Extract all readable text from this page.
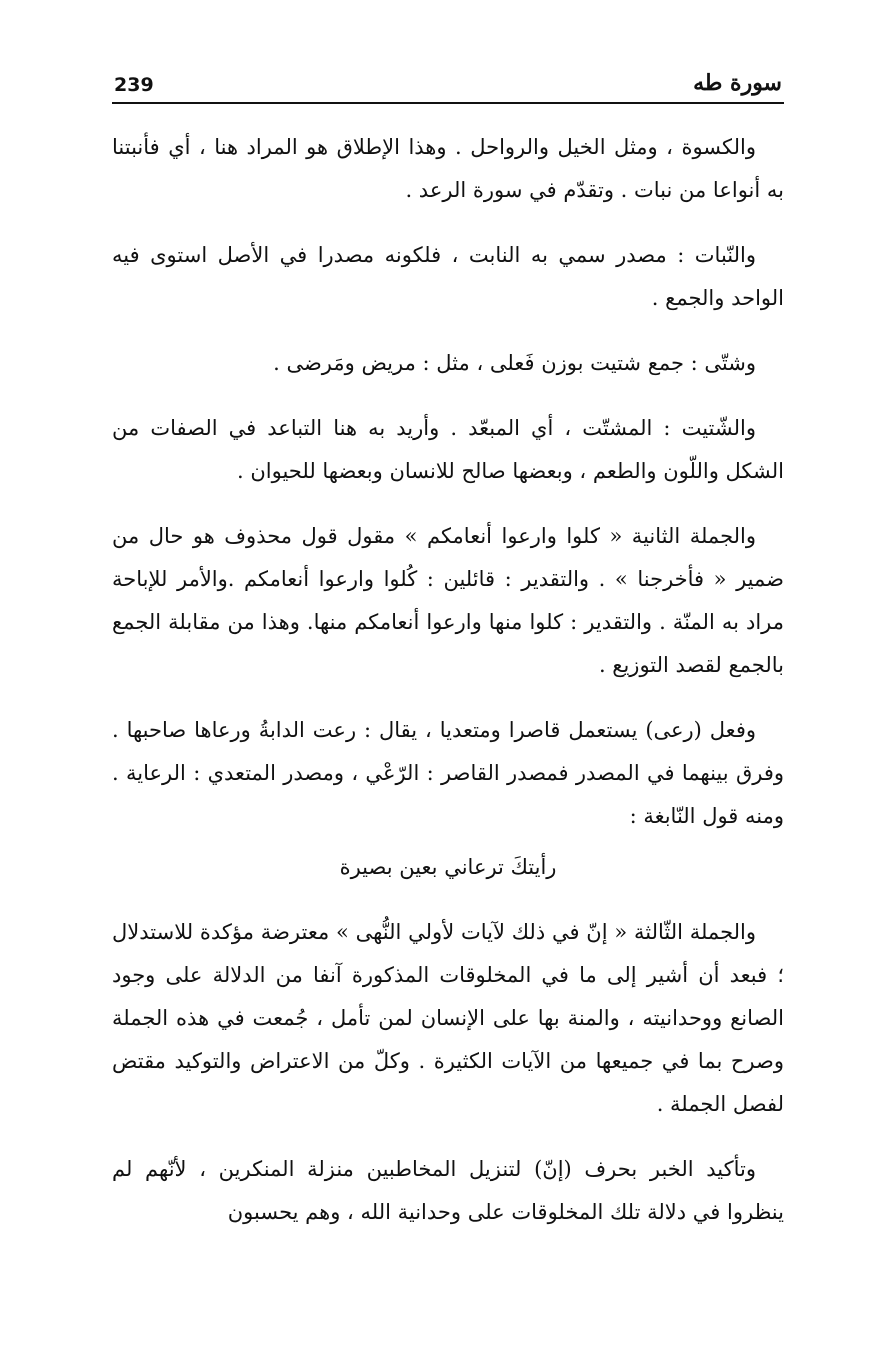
239	سورة طه

والكسوة ، ومثل الخيل والرواحل . وهذا الإطلاق هو المراد هنا ، أي فأنبتنا به أنواعا من نبات . وتقدّم في سورة الرعد .

والنّبات : مصدر سمي به النابت ، فلكونه مصدرا في الأصل استوى فيه الواحد والجمع .

وشتّى : جمع شتيت بوزن فَعلى ، مثل : مريض ومَرضى .

والشّتيت : المشتّت ، أي المبعّد . وأريد به هنا التباعد في الصفات من الشكل واللّون والطعم ، وبعضها صالح للانسان وبعضها للحيوان .

والجملة الثانية « كلوا وارعوا أنعامكم » مقول قول محذوف هو حال من ضمير « فأخرجنا » . والتقدير : قائلين : كُلوا وارعوا أنعامكم .والأمر للإباحة مراد به المنّة . والتقدير : كلوا منها وارعوا أنعامكم منها. وهذا من مقابلة الجمع بالجمع لقصد التوزيع .

وفعل (رعى) يستعمل قاصرا ومتعديا ، يقال : رعت الدابةُ ورعاها صاحبها . وفرق بينهما في المصدر فمصدر القاصر : الرّعْي ، ومصدر المتعدي : الرعاية . ومنه قول النّابغة :

رأيتكَ ترعاني بعين بصيرة

والجملة الثّالثة « إنّ في ذلك لآيات لأولي النُّهى » معترضة مؤكدة للاستدلال ؛ فبعد أن أشير إلى ما في المخلوقات المذكورة آنفا من الدلالة على وجود الصانع ووحدانيته ، والمنة بها على الإنسان لمن تأمل ، جُمعت في هذه الجملة وصرح بما في جميعها من الآيات الكثيرة . وكلّ من الاعتراض والتوكيد مقتض لفصل الجملة .

وتأكيد الخبر بحرف (إنّ) لتنزيل المخاطبين منزلة المنكرين ، لأنّهم لم ينظروا في دلالة تلك المخلوقات على وحدانية الله ، وهم يحسبون
